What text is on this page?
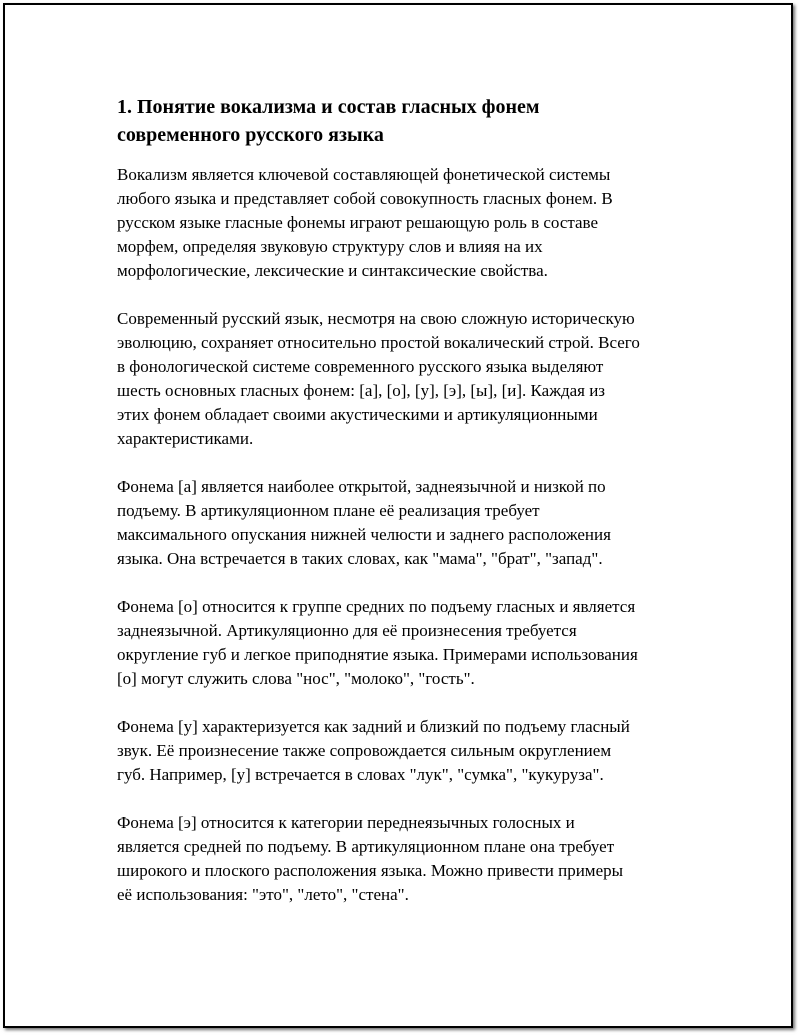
1. Понятие вокализма и состав гласных фонем
современного русского языка

Вокализм является ключевой составляющей фонетической системы
любого языка и представляет собой совокупность гласных фонем. В
русском языке гласные фонемы играют решающую роль в составе
морфем, определяя звуковую структуру слов и влияя на их
морфологические, лексические и синтаксические свойства.

Современный русский язык, несмотря на свою сложную историческую
эволюцию, сохраняет относительно простой вокалический строй. Всего
в фонологической системе современного русского языка выделяют
шесть основных гласных фонем: [а], [о], [у], [э], [ы], [и]. Каждая из
этих фонем обладает своими акустическими и артикуляционными
характеристиками.

Фонема [а] является наиболее открытой, заднеязычной и низкой по
подъему. В артикуляционном плане её реализация требует
максимального опускания нижней челюсти и заднего расположения
языка. Она встречается в таких словах, как "мама", "брат", "запад".

Фонема [о] относится к группе средних по подъему гласных и является
заднеязычной. Артикуляционно для её произнесения требуется
округление губ и легкое приподнятие языка. Примерами использования
[о] могут служить слова "нос", "молоко", "гость".

Фонема [у] характеризуется как задний и близкий по подъему гласный
звук. Её произнесение также сопровождается сильным округлением
губ. Например, [у] встречается в словах "лук", "сумка", "кукуруза".

Фонема [э] относится к категории переднеязычных голосных и
является средней по подъему. В артикуляционном плане она требует
широкого и плоского расположения языка. Можно привести примеры
её использования: "это", "лето", "стена".
